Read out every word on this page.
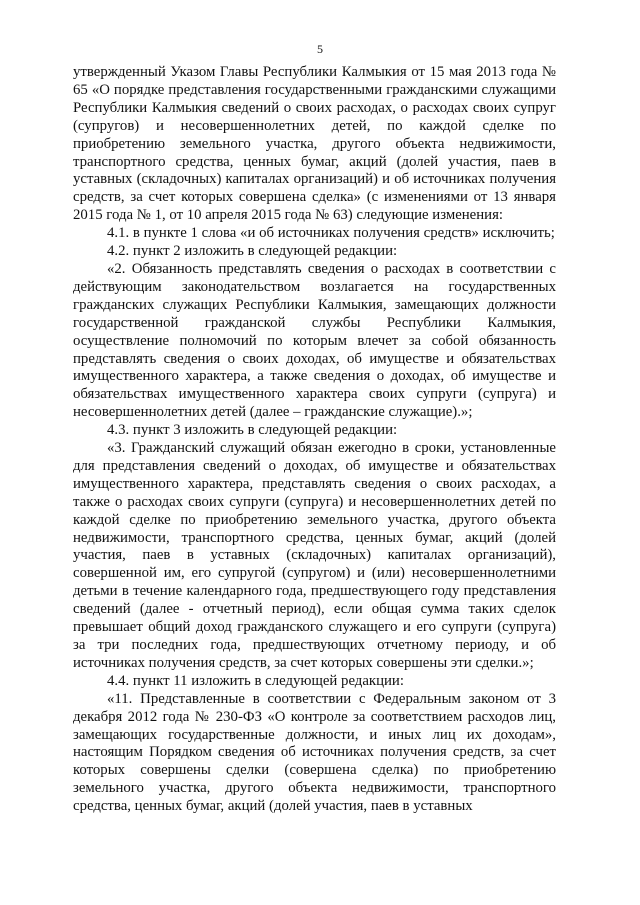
5

утвержденный Указом Главы Республики Калмыкия от 15 мая 2013 года № 65 «О порядке представления государственными гражданскими служащими Республики Калмыкия сведений о своих расходах, о расходах своих супруг (супругов) и несовершеннолетних детей, по каждой сделке по приобретению земельного участка, другого объекта недвижимости, транспортного средства, ценных бумаг, акций (долей участия, паев в уставных (складочных) капиталах организаций) и об источниках получения средств, за счет которых совершена сделка» (с изменениями от 13 января 2015 года № 1, от 10 апреля 2015 года № 63) следующие изменения:

4.1. в пункте 1 слова «и об источниках получения средств» исключить;

4.2. пункт 2 изложить в следующей редакции:

«2. Обязанность представлять сведения о расходах в соответствии с действующим законодательством возлагается на государственных гражданских служащих Республики Калмыкия, замещающих должности государственной гражданской службы Республики Калмыкия, осуществление полномочий по которым влечет за собой обязанность представлять сведения о своих доходах, об имуществе и обязательствах имущественного характера, а также сведения о доходах, об имуществе и обязательствах имущественного характера своих супруги (супруга) и несовершеннолетних детей (далее – гражданские служащие).»;

4.3. пункт 3 изложить в следующей редакции:

«3. Гражданский служащий обязан ежегодно в сроки, установленные для представления сведений о доходах, об имуществе и обязательствах имущественного характера, представлять сведения о своих расходах, а также о расходах своих супруги (супруга) и несовершеннолетних детей по каждой сделке по приобретению земельного участка, другого объекта недвижимости, транспортного средства, ценных бумаг, акций (долей участия, паев в уставных (складочных) капиталах организаций), совершенной им, его супругой (супругом) и (или) несовершеннолетними детьми в течение календарного года, предшествующего году представления сведений (далее - отчетный период), если общая сумма таких сделок превышает общий доход гражданского служащего и его супруги (супруга) за три последних года, предшествующих отчетному периоду, и об источниках получения средств, за счет которых совершены эти сделки.»;

4.4. пункт 11 изложить в следующей редакции:

«11. Представленные в соответствии с Федеральным законом от 3 декабря 2012 года № 230-ФЗ «О контроле за соответствием расходов лиц, замещающих государственные должности, и иных лиц их доходам», настоящим Порядком сведения об источниках получения средств, за счет которых совершены сделки (совершена сделка) по приобретению земельного участка, другого объекта недвижимости, транспортного средства, ценных бумаг, акций (долей участия, паев в уставных
